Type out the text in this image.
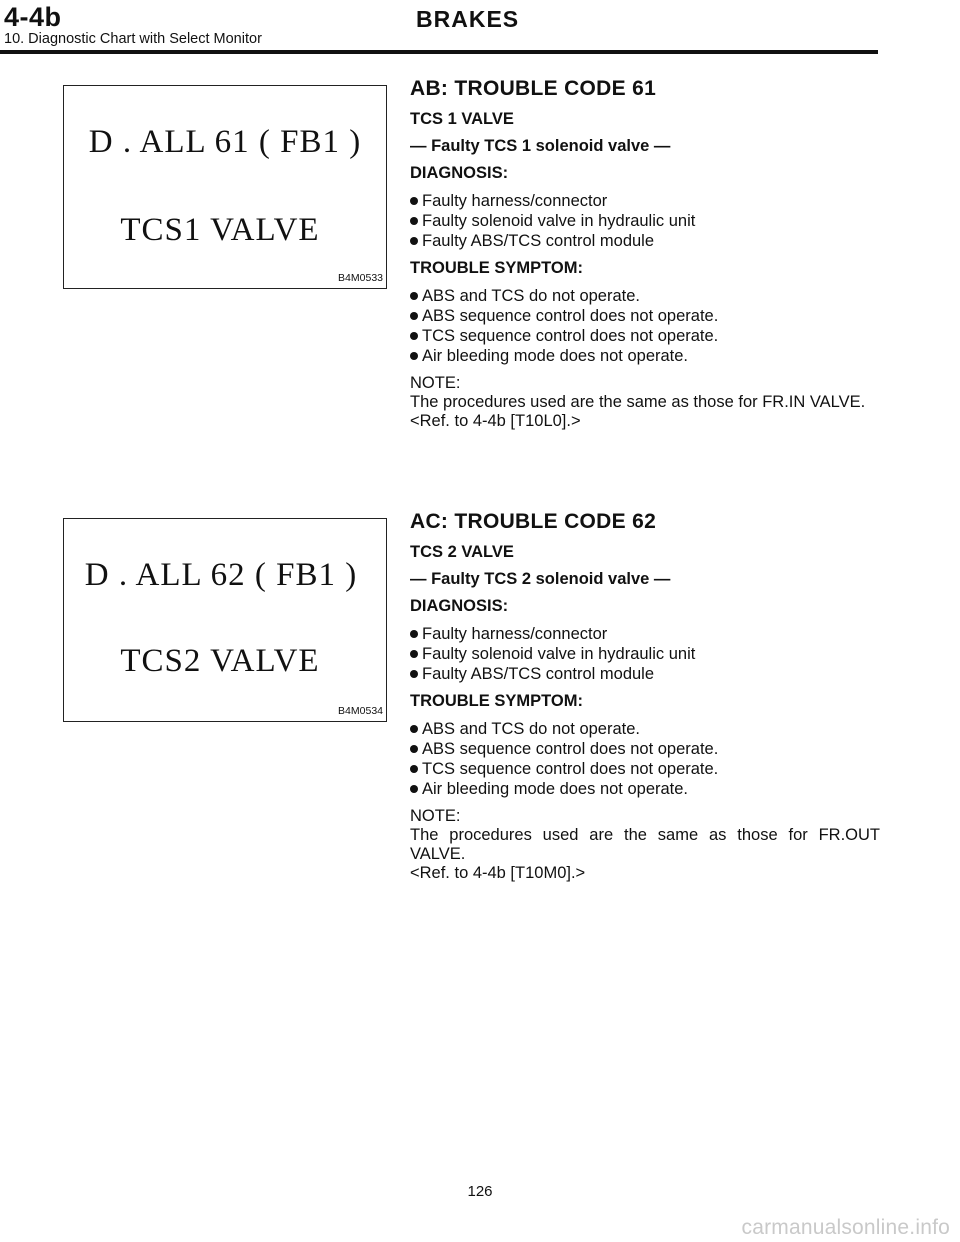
4-4b	BRAKES
10. Diagnostic Chart with Select Monitor
D . ALL 61 ( FB1 )
TCS1 VALVE
B4M0533
AB: TROUBLE CODE 61
TCS 1 VALVE
— Faulty TCS 1 solenoid valve —
DIAGNOSIS:
Faulty harness/connector
Faulty solenoid valve in hydraulic unit
Faulty ABS/TCS control module
TROUBLE SYMPTOM:
ABS and TCS do not operate.
ABS sequence control does not operate.
TCS sequence control does not operate.
Air bleeding mode does not operate.
NOTE:
The procedures used are the same as those for FR.IN VALVE.
<Ref. to 4-4b [T10L0].>
D . ALL 62 ( FB1 )
TCS2 VALVE
B4M0534
AC: TROUBLE CODE 62
TCS 2 VALVE
— Faulty TCS 2 solenoid valve —
DIAGNOSIS:
Faulty harness/connector
Faulty solenoid valve in hydraulic unit
Faulty ABS/TCS control module
TROUBLE SYMPTOM:
ABS and TCS do not operate.
ABS sequence control does not operate.
TCS sequence control does not operate.
Air bleeding mode does not operate.
NOTE:
The procedures used are the same as those for FR.OUT VALVE.
<Ref. to 4-4b [T10M0].>
126
carmanualsonline.info
